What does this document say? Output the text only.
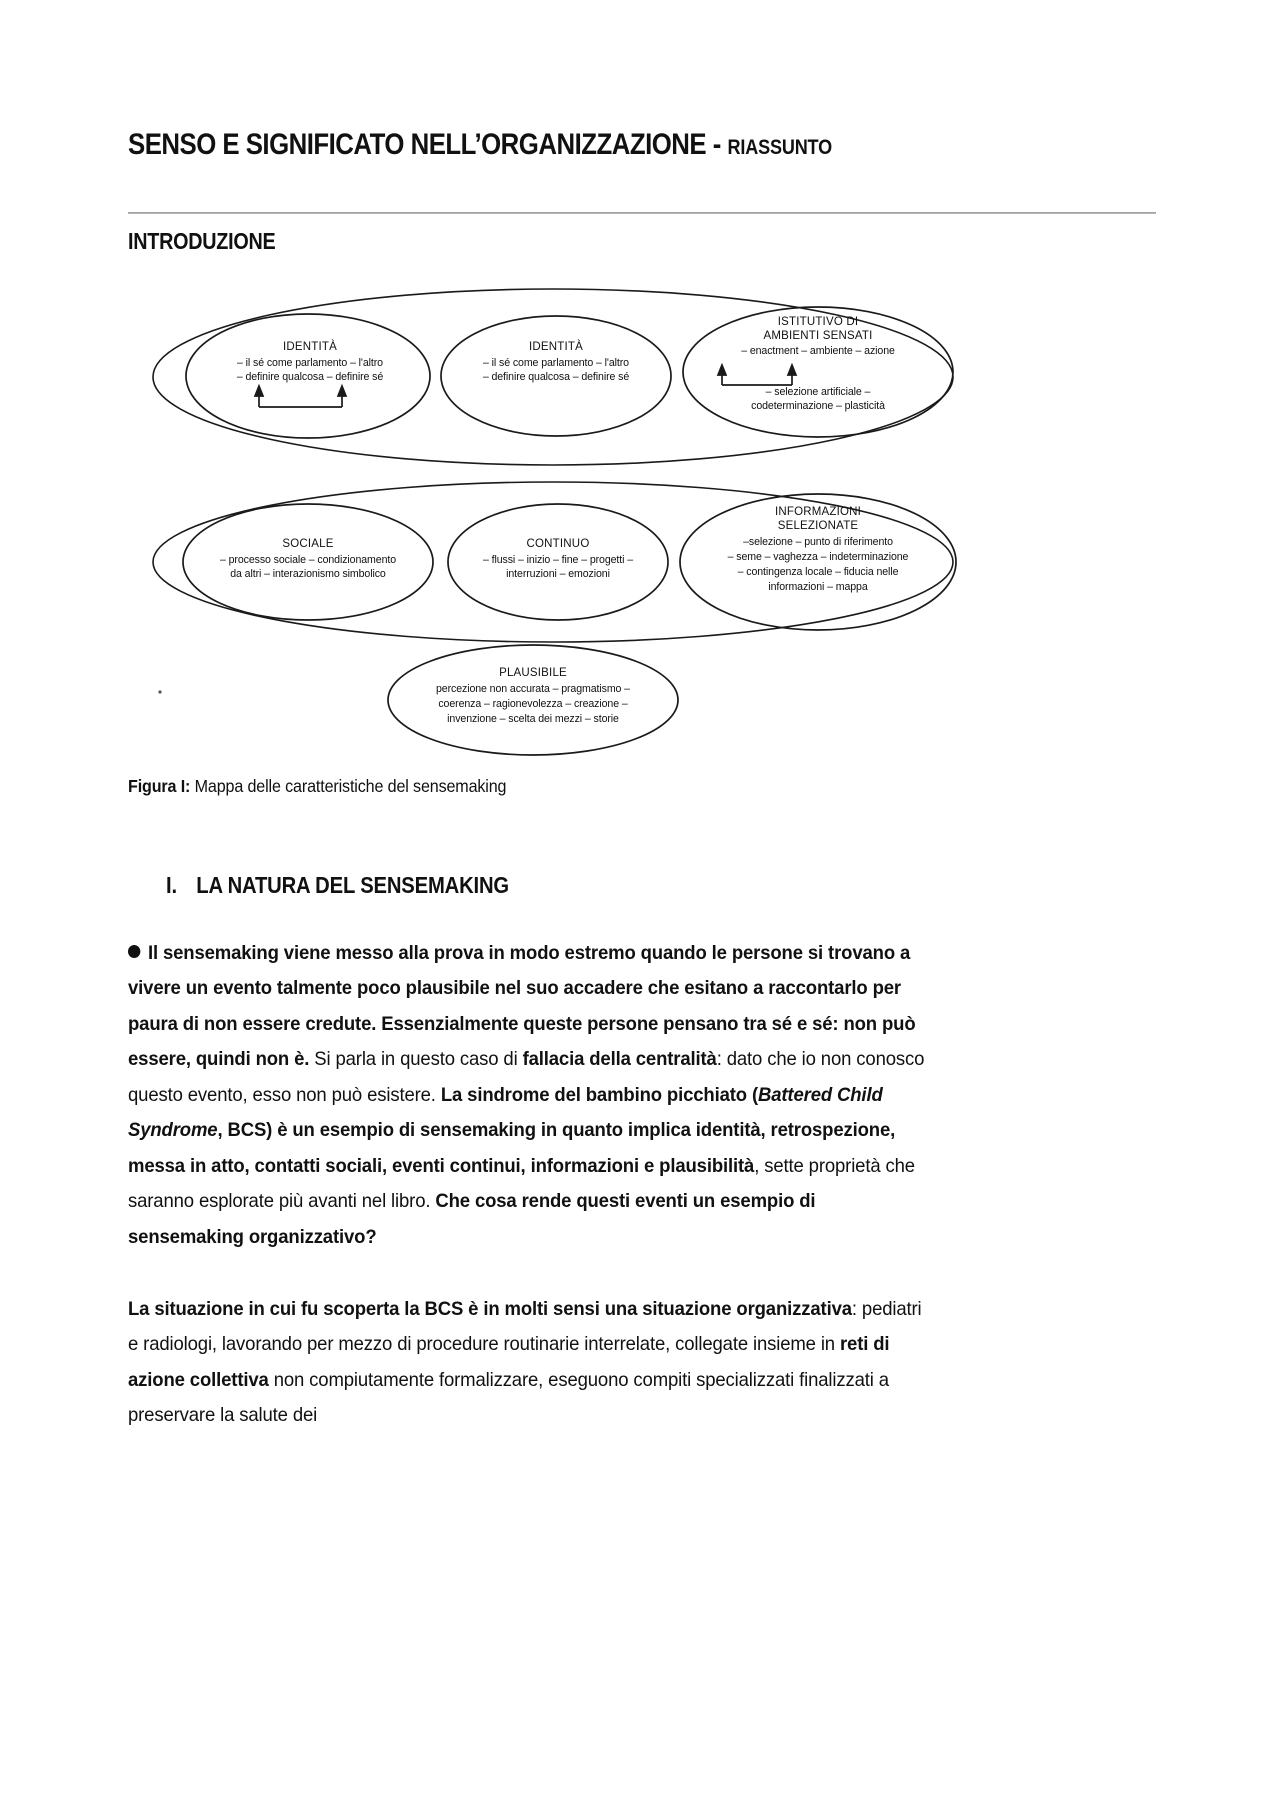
SENSO E SIGNIFICATO NELL’ORGANIZZAZIONE - RIASSUNTO
INTRODUZIONE
IDENTITÀ
– il sé come parlamento – l'altro
– definire qualcosa – definire sé
IDENTITÀ
– il sé come parlamento – l'altro
– definire qualcosa – definire sé
ISTITUTIVO DI
AMBIENTI SENSATI
– enactment – ambiente – azione
– selezione artificiale –
codeterminazione – plasticità
SOCIALE
– processo sociale – condizionamento
da altri – interazionismo simbolico
CONTINUO
– flussi – inizio – fine – progetti –
interruzioni – emozioni
INFORMAZIONI
SELEZIONATE
–selezione – punto di riferimento
– seme – vaghezza – indeterminazione
– contingenza locale – fiducia nelle
informazioni – mappa
PLAUSIBILE
percezione non accurata – pragmatismo –
coerenza – ragionevolezza – creazione –
invenzione – scelta dei mezzi – storie
Figura I: Mappa delle caratteristiche del sensemaking
I. LA NATURA DEL SENSEMAKING

Il sensemaking viene messo alla prova in modo estremo quando le persone si trovano a vivere un evento talmente poco plausibile nel suo accadere che esitano a raccontarlo per paura di non essere credute. Essenzialmente queste persone pensano tra sé e sé: non può essere, quindi non è. Si parla in questo caso di fallacia della centralità: dato che io non conosco questo evento, esso non può esistere. La sindrome del bambino picchiato (Battered Child Syndrome, BCS) è un esempio di sensemaking in quanto implica identità, retrospezione, messa in atto, contatti sociali, eventi continui, informazioni e plausibilità, sette proprietà che saranno esplorate più avanti nel libro. Che cosa rende questi eventi un esempio di sensemaking organizzativo?

La situazione in cui fu scoperta la BCS è in molti sensi una situazione organizzativa: pediatri e radiologi, lavorando per mezzo di procedure routinarie interrelate, collegate insieme in reti di azione collettiva non compiutamente formalizzare, eseguono compiti specializzati finalizzati a preservare la salute dei
